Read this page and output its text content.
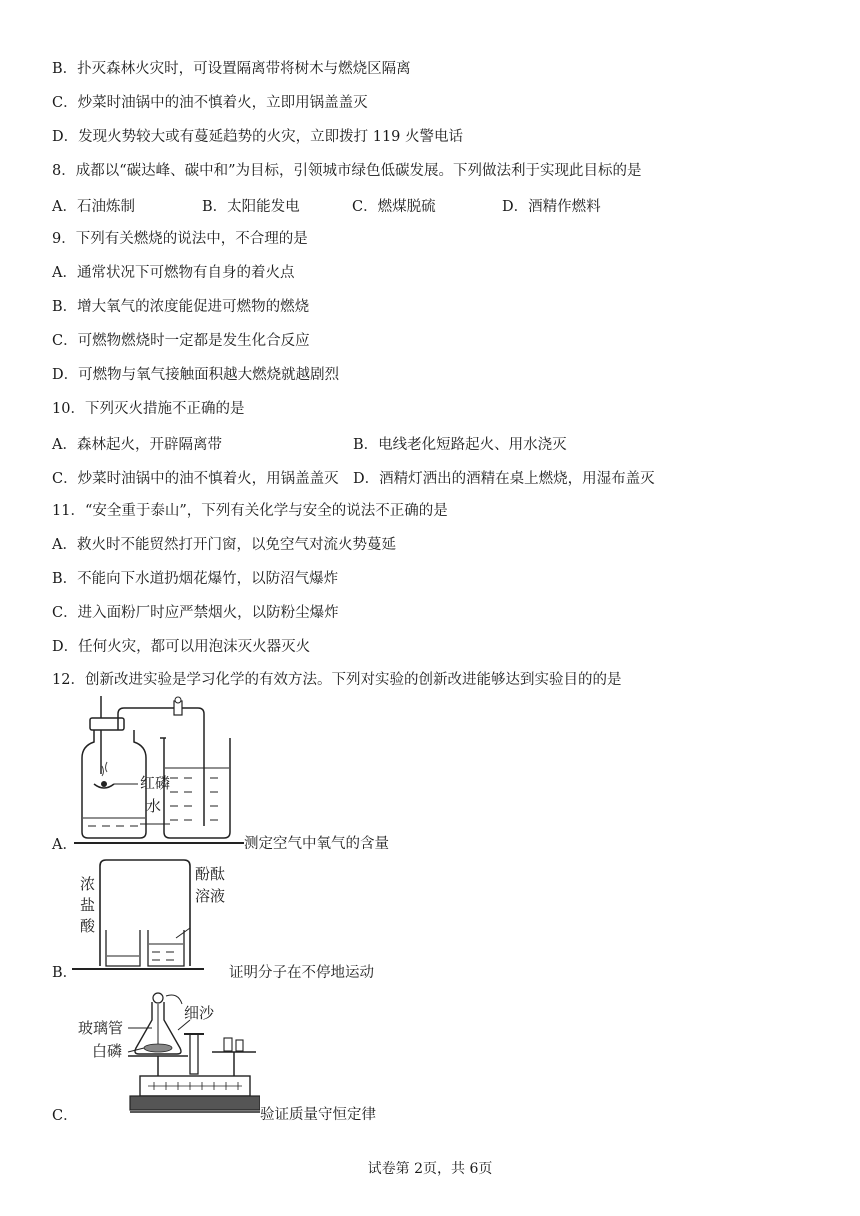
B．扑灭森林火灾时，可设置隔离带将树木与燃烧区隔离
C．炒菜时油锅中的油不慎着火，立即用锅盖盖灭
D．发现火势较大或有蔓延趋势的火灾，立即拨打 119 火警电话
8．成都以“碳达峰、碳中和”为目标，引领城市绿色低碳发展。下列做法利于实现此目标的是
A．石油炼制	B．太阳能发电	C．燃煤脱硫	D．酒精作燃料
9．下列有关燃烧的说法中，不合理的是
A．通常状况下可燃物有自身的着火点
B．增大氧气的浓度能促进可燃物的燃烧
C．可燃物燃烧时一定都是发生化合反应
D．可燃物与氧气接触面积越大燃烧就越剧烈
10．下列灭火措施不正确的是
A．森林起火，开辟隔离带	B．电线老化短路起火、用水浇灭
C．炒菜时油锅中的油不慎着火，用锅盖盖灭 D．酒精灯洒出的酒精在桌上燃烧，用湿布盖灭
11．“安全重于泰山”，下列有关化学与安全的说法不正确的是
A．救火时不能贸然打开门窗，以免空气对流火势蔓延
B．不能向下水道扔烟花爆竹，以防沼气爆炸
C．进入面粉厂时应严禁烟火，以防粉尘爆炸
D．任何火灾，都可以用泡沫灭火器灭火
12．创新改进实验是学习化学的有效方法。下列对实验的创新改进能够达到实验目的的是
A．
红磷
水
测定空气中氧气的含量
B．
浓
盐
酸
酚酞
溶液
证明分子在不停地运动
C．
玻璃管
白磷
细沙
验证质量守恒定律
试卷第 2页，共 6页
